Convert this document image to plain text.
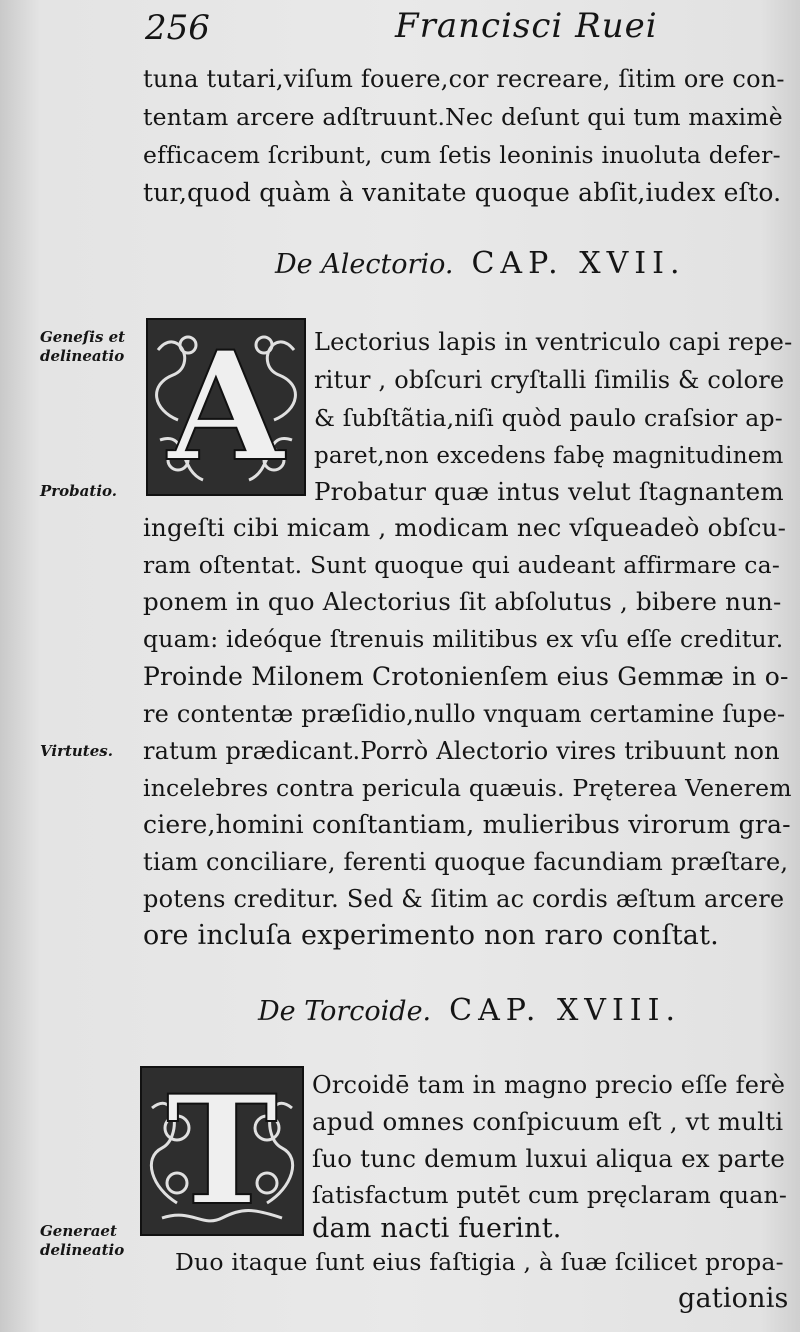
256	Francisci Ruei
tuna tutari,viſum fouere,cor recreare, ſitim ore con-
tentam arcere adſtruunt.Nec deſunt qui tum maximè
efficacem ſcribunt, cum ſetis leoninis inuoluta defer-
tur,quod quàm à vanitate quoque abſit,iudex eſto.
De Alectorio. CAP. XVII.
Geneſis et delineatio
Probatio.
Virtutes.
A	Lectorius lapis in ventriculo capi repe-
ritur , obſcuri cryſtalli ſimilis & colore
& ſubſtãtia,niſi quòd paulo craſsior ap-
paret,non excedens fabę magnitudinem
Probatur quæ intus velut ſtagnantem
ingeſti cibi micam , modicam nec vſqueadeò obſcu-
ram oſtentat. Sunt quoque qui audeant affirmare ca-
ponem in quo Alectorius ſit abſolutus , bibere nun-
quam: ideóque ſtrenuis militibus ex vſu eſſe creditur.
Proinde Milonem Crotonienſem eius Gemmæ in o-
re contentæ præſidio,nullo vnquam certamine ſupe-
ratum prædicant.Porrò Alectorio vires tribuunt non
incelebres contra pericula quæuis. Pręterea Venerem
ciere,homini conſtantiam, mulieribus virorum gra-
tiam conciliare, ferenti quoque facundiam præſtare,
potens creditur. Sed & ſitim ac cordis æſtum arcere
ore incluſa experimento non raro conſtat.
De Torcoide. CAP. XVIII.
T
Generaet delineatio
Orcoidē tam in magno precio eſſe ferè
apud omnes conſpicuum eſt , vt multi
ſuo tunc demum luxui aliqua ex parte
ſatisfactum putēt cum pręclaram quan-
dam nacti fuerint.
Duo itaque ſunt eius faſtigia , à ſuæ ſcilicet propa-
gationis
